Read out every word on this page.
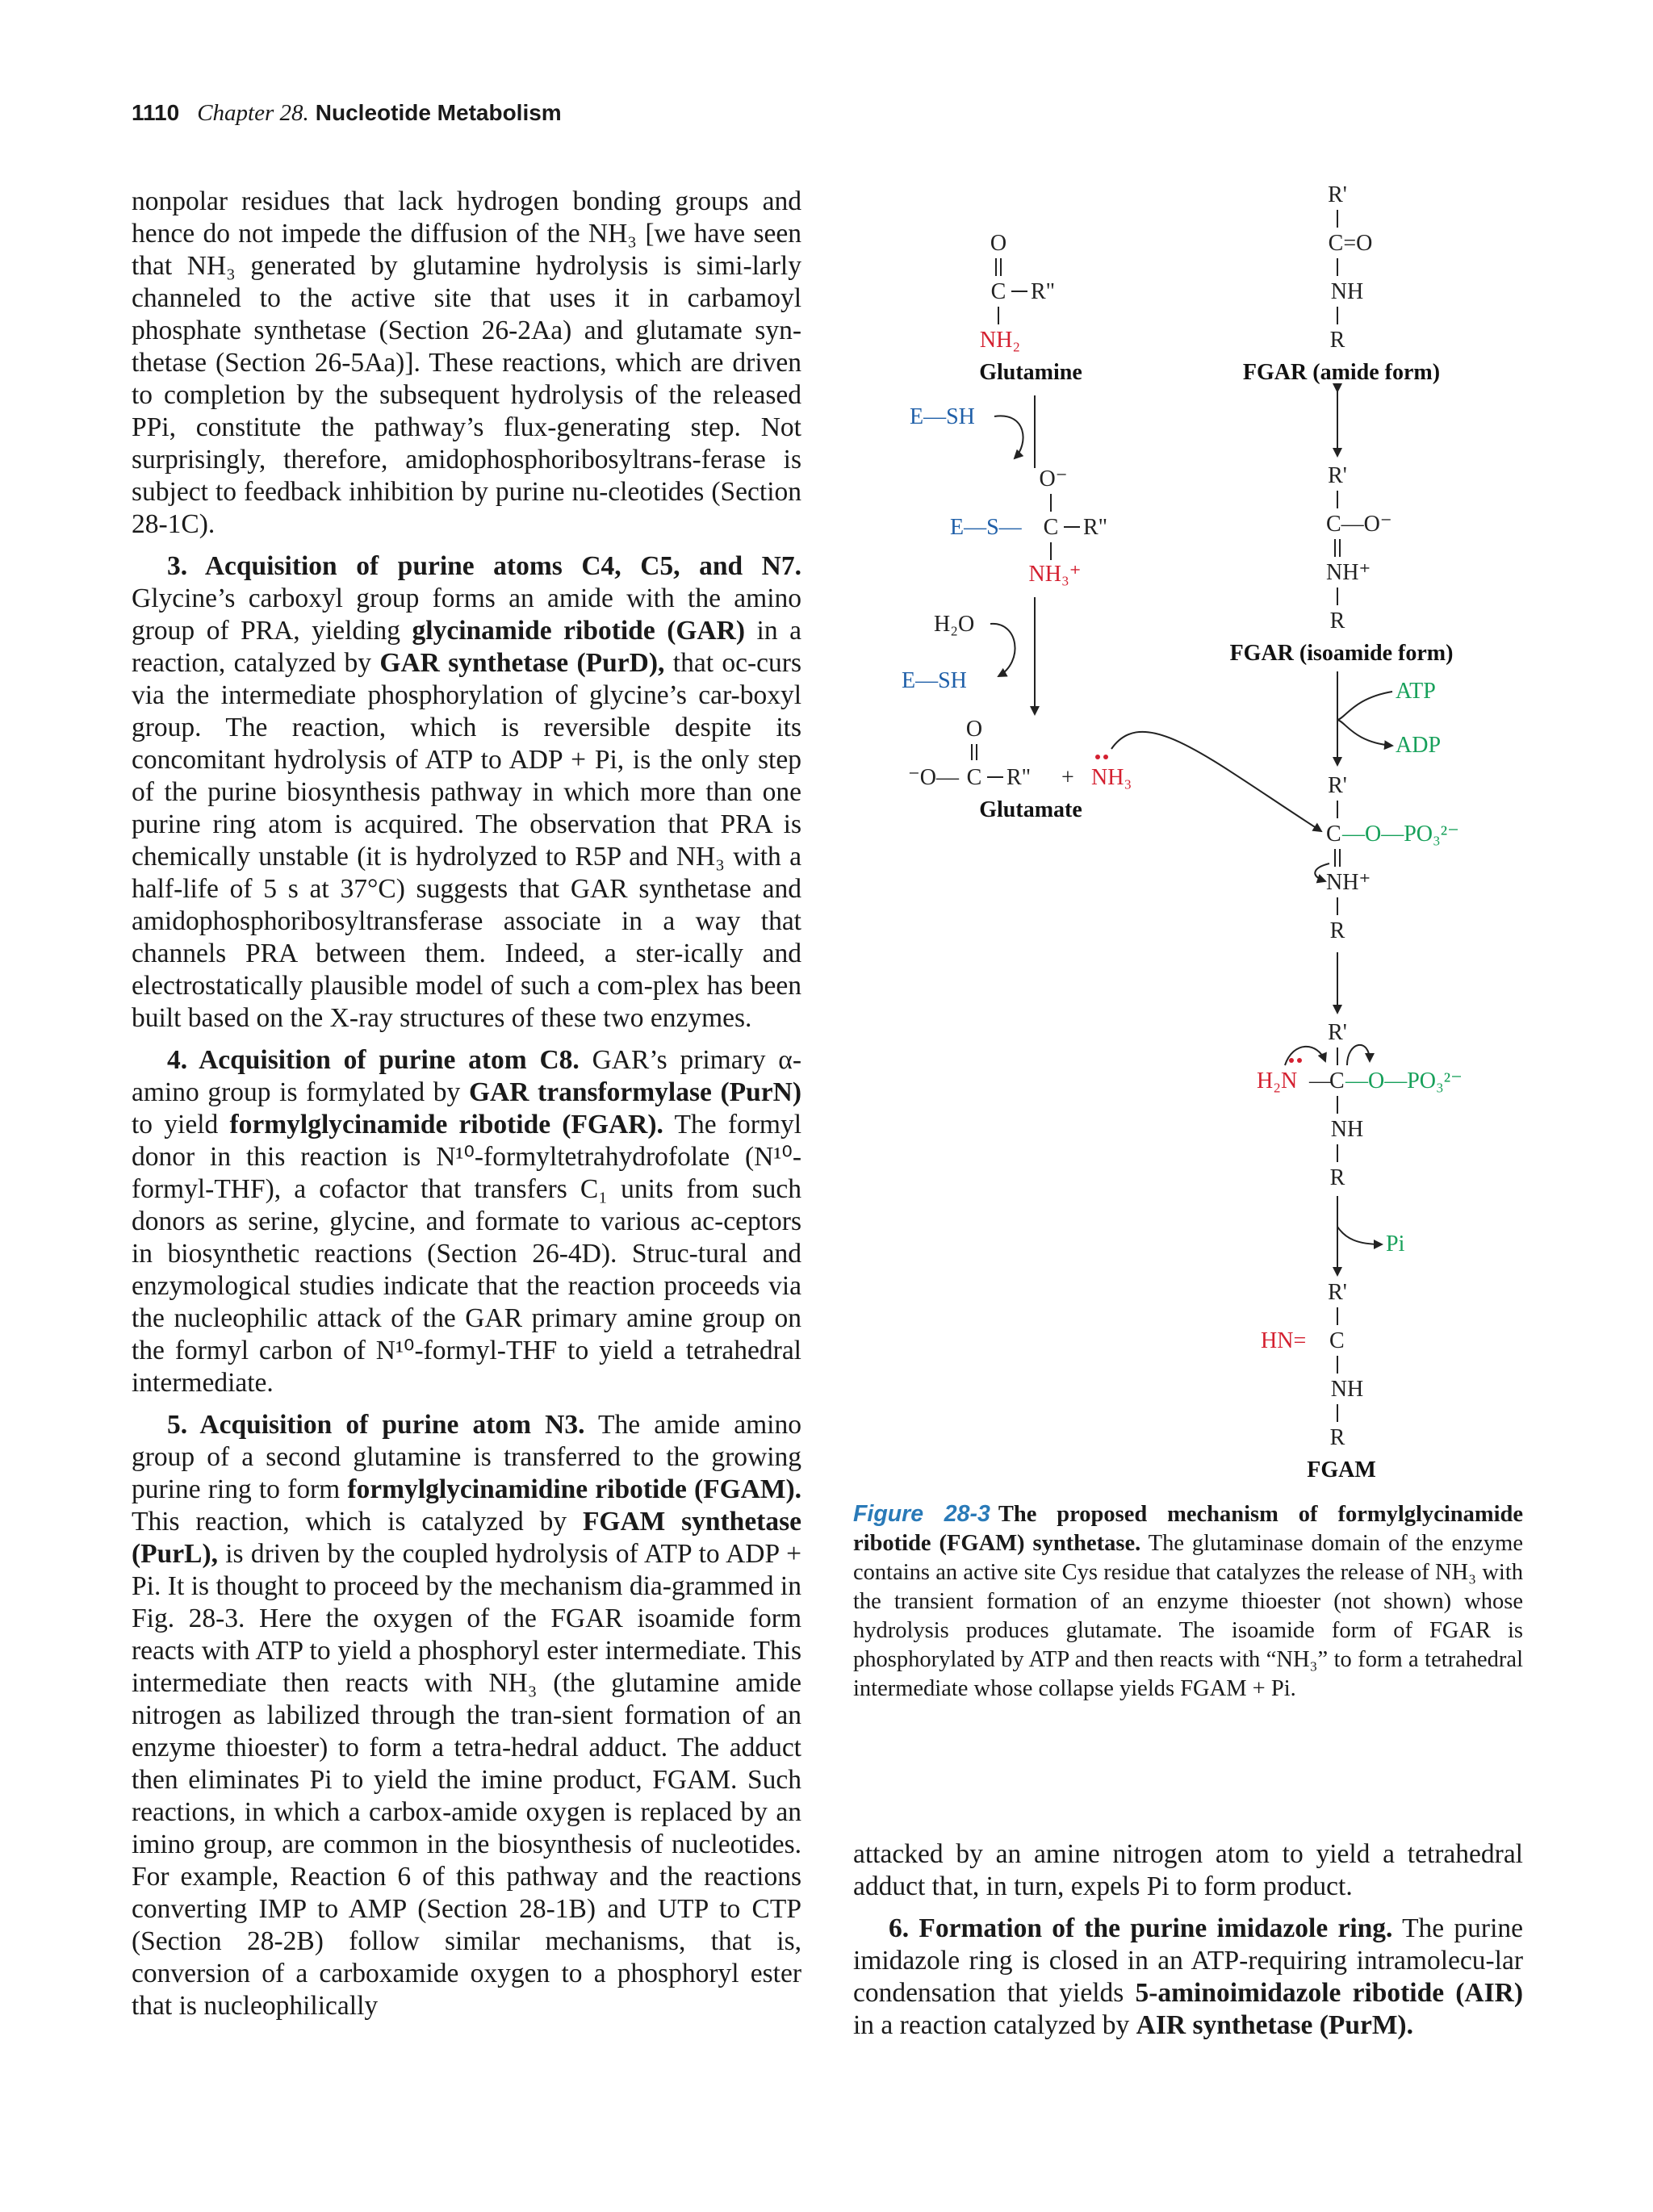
1110 Chapter 28. Nucleotide Metabolism

nonpolar residues that lack hydrogen bonding groups and hence do not impede the diffusion of the NH₃ [we have seen that NH₃ generated by glutamine hydrolysis is simi-larly channeled to the active site that uses it in carbamoyl phosphate synthetase (Section 26-2Aa) and glutamate syn-thetase (Section 26-5Aa)]. These reactions, which are driven to completion by the subsequent hydrolysis of the released PPi, constitute the pathway’s flux-generating step. Not surprisingly, therefore, amidophosphoribosyltrans-ferase is subject to feedback inhibition by purine nu-cleotides (Section 28-1C).

3. Acquisition of purine atoms C4, C5, and N7. Glycine’s carboxyl group forms an amide with the amino group of PRA, yielding glycinamide ribotide (GAR) in a reaction, catalyzed by GAR synthetase (PurD), that oc-curs via the intermediate phosphorylation of glycine’s car-boxyl group. The reaction, which is reversible despite its concomitant hydrolysis of ATP to ADP + Pi, is the only step of the purine biosynthesis pathway in which more than one purine ring atom is acquired. The observation that PRA is chemically unstable (it is hydrolyzed to R5P and NH₃ with a half-life of 5 s at 37°C) suggests that GAR synthetase and amidophosphoribosyltransferase associate in a way that channels PRA between them. Indeed, a ster-ically and electrostatically plausible model of such a com-plex has been built based on the X-ray structures of these two enzymes.

4. Acquisition of purine atom C8. GAR’s primary α-amino group is formylated by GAR transformylase (PurN) to yield formylglycinamide ribotide (FGAR). The formyl donor in this reaction is N¹⁰-formyltetrahydrofolate (N¹⁰-formyl-THF), a cofactor that transfers C₁ units from such donors as serine, glycine, and formate to various ac-ceptors in biosynthetic reactions (Section 26-4D). Struc-tural and enzymological studies indicate that the reaction proceeds via the nucleophilic attack of the GAR primary amine group on the formyl carbon of N¹⁰-formyl-THF to yield a tetrahedral intermediate.

5. Acquisition of purine atom N3. The amide amino group of a second glutamine is transferred to the growing purine ring to form formylglycinamidine ribotide (FGAM). This reaction, which is catalyzed by FGAM synthetase (PurL), is driven by the coupled hydrolysis of ATP to ADP + Pi. It is thought to proceed by the mechanism dia-grammed in Fig. 28-3. Here the oxygen of the FGAR isoamide form reacts with ATP to yield a phosphoryl ester intermediate. This intermediate then reacts with NH₃ (the glutamine amide nitrogen as labilized through the tran-sient formation of an enzyme thioester) to form a tetra-hedral adduct. The adduct then eliminates Pi to yield the imine product, FGAM. Such reactions, in which a carbox-amide oxygen is replaced by an imino group, are common in the biosynthesis of nucleotides. For example, Reaction 6 of this pathway and the reactions converting IMP to AMP (Section 28-1B) and UTP to CTP (Section 28-2B) follow similar mechanisms, that is, conversion of a carboxamide oxygen to a phosphoryl ester that is nucleophilically

O
C R"
NH₂
Glutamine
E—SH
O⁻
E—S— C R"
NH₃⁺
H₂O
E—SH
O
⁻O— C R" + NH₃
Glutamate
R'
C=O
NH
R
FGAR (amide form)
R'
C—O⁻
NH⁺
R
FGAR (isoamide form)
ATP
ADP
R'
C —O—PO₃²⁻
NH⁺
R
R'
H₂N —
C —O—PO₃²⁻
NH
R
Pi
R'
HN= C
NH
R
FGAM
Figure 28-3 The proposed mechanism of formylglycinamide ribotide (FGAM) synthetase. The glutaminase domain of the enzyme contains an active site Cys residue that catalyzes the release of NH₃ with the transient formation of an enzyme thioester (not shown) whose hydrolysis produces glutamate. The isoamide form of FGAR is phosphorylated by ATP and then reacts with “NH₃” to form a tetrahedral intermediate whose collapse yields FGAM + Pi.

attacked by an amine nitrogen atom to yield a tetrahedral adduct that, in turn, expels Pi to form product.

6. Formation of the purine imidazole ring. The purine imidazole ring is closed in an ATP-requiring intramolecu-lar condensation that yields 5-aminoimidazole ribotide (AIR) in a reaction catalyzed by AIR synthetase (PurM).
